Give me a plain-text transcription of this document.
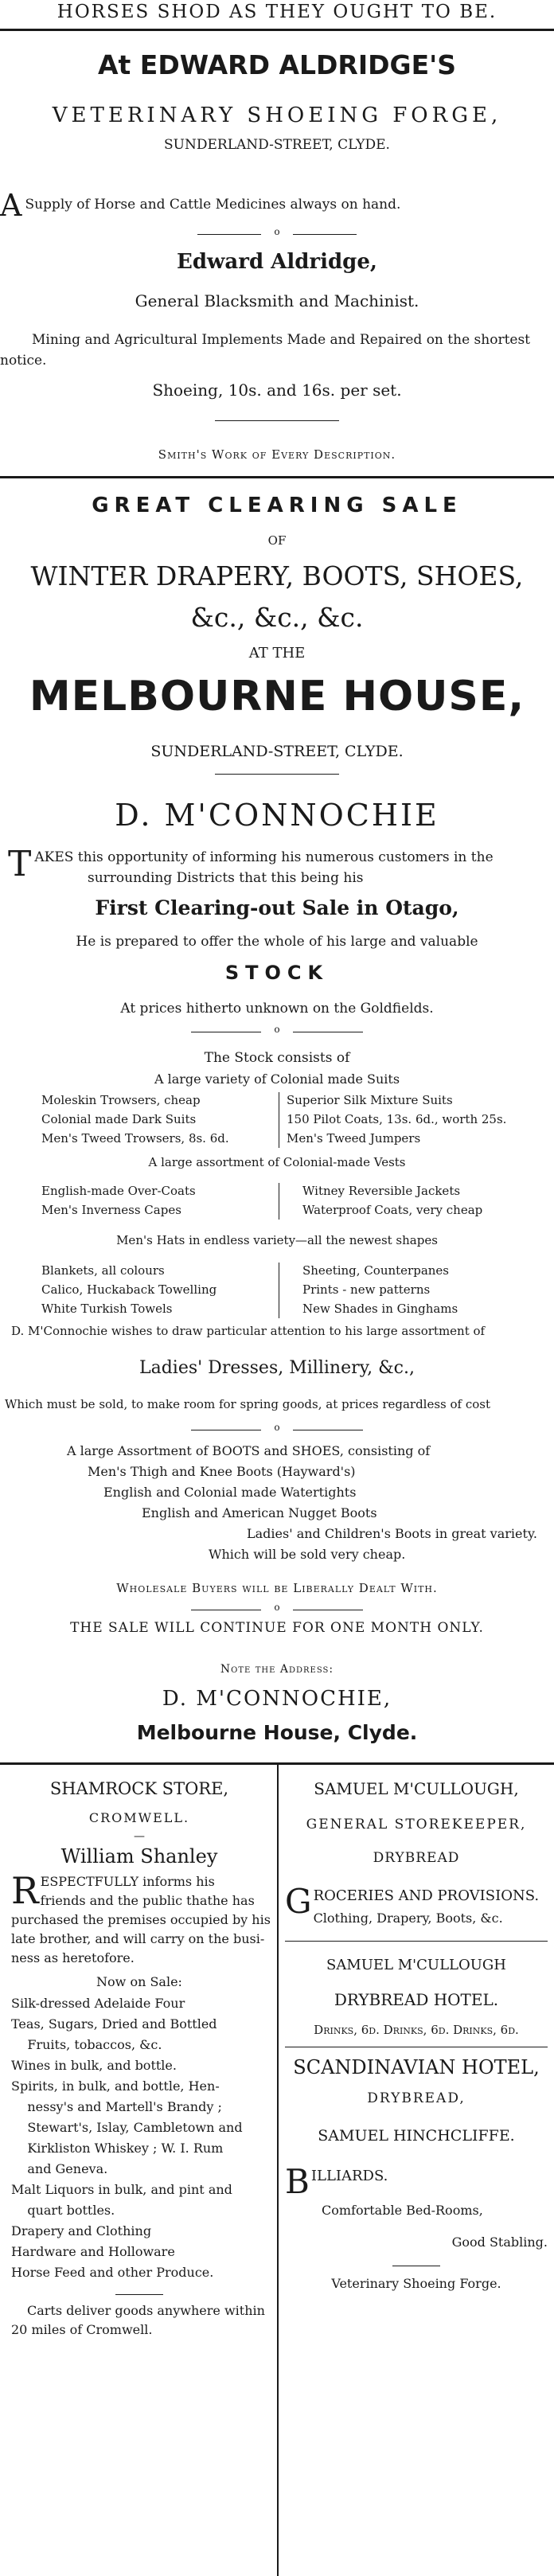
HORSES SHOD AS THEY OUGHT TO BE.
At EDWARD ALDRIDGE'S
VETERINARY SHOEING FORGE,
SUNDERLAND-STREET, CLYDE.
A Supply of Horse and Cattle Medicines always on hand.
o
Edward Aldridge,
General Blacksmith and Machinist.
Mining and Agricultural Implements Made and Repaired on the shortest
notice.
Shoeing, 10s. and 16s. per set.
Smith's Work of Every Description.
GREAT CLEARING SALE
OF
WINTER DRAPERY, BOOTS, SHOES,
&c., &c., &c.
AT THE
MELBOURNE HOUSE,
SUNDERLAND-STREET, CLYDE.
D. M'CONNOCHIE
T AKES this opportunity of informing his numerous customers in the
surrounding Districts that this being his
First Clearing-out Sale in Otago,
He is prepared to offer the whole of his large and valuable
STOCK
At prices hitherto unknown on the Goldfields.
o
The Stock consists of
A large variety of Colonial made Suits
Moleskin Trowsers, cheap
Colonial made Dark Suits
Men's Tweed Trowsers, 8s. 6d.
Superior Silk Mixture Suits
150 Pilot Coats, 13s. 6d., worth 25s.
Men's Tweed Jumpers
A large assortment of Colonial-made Vests
English-made Over-Coats
Men's Inverness Capes
Witney Reversible Jackets
Waterproof Coats, very cheap
Men's Hats in endless variety—all the newest shapes
Blankets, all colours
Calico, Huckaback Towelling
White Turkish Towels
Sheeting, Counterpanes
Prints - new patterns
New Shades in Ginghams
D. M'Connochie wishes to draw particular attention to his large assortment of
Ladies' Dresses, Millinery, &c.,
Which must be sold, to make room for spring goods, at prices regardless of cost
o
A large Assortment of BOOTS and SHOES, consisting of
Men's Thigh and Knee Boots (Hayward's)
English and Colonial made Watertights
English and American Nugget Boots
Ladies' and Children's Boots in great variety.
Which will be sold very cheap.
Wholesale Buyers will be Liberally Dealt With.
o
THE SALE WILL CONTINUE FOR ONE MONTH ONLY.
Note the Address:
D. M'CONNOCHIE,
Melbourne House, Clyde.
SHAMROCK STORE,
CROMWELL.
—
William Shanley
R ESPECTFULLY informs his
friends and the public thathe has
purchased the premises occupied by his
late brother, and will carry on the busi-
ness as heretofore.
Now on Sale:
Silk-dressed Adelaide Four
Teas, Sugars, Dried and Bottled
Fruits, tobaccos, &c.
Wines in bulk, and bottle.
Spirits, in bulk, and bottle, Hen-
nessy's and Martell's Brandy ;
Stewart's, Islay, Cambletown and
Kirkliston Whiskey ; W. I. Rum
and Geneva.
Malt Liquors in bulk, and pint and
quart bottles.
Drapery and Clothing
Hardware and Holloware
Horse Feed and other Produce.
Carts deliver goods anywhere within
20 miles of Cromwell.
SAMUEL M'CULLOUGH,
GENERAL STOREKEEPER,
DRYBREAD
G ROCERIES AND PROVISIONS.
Clothing, Drapery, Boots, &c.
SAMUEL M'CULLOUGH
DRYBREAD HOTEL.
Drinks, 6d. Drinks, 6d. Drinks, 6d.
SCANDINAVIAN HOTEL,
DRYBREAD,
SAMUEL HINCHCLIFFE.
B ILLIARDS.
Comfortable Bed-Rooms,
Good Stabling.
Veterinary Shoeing Forge.
